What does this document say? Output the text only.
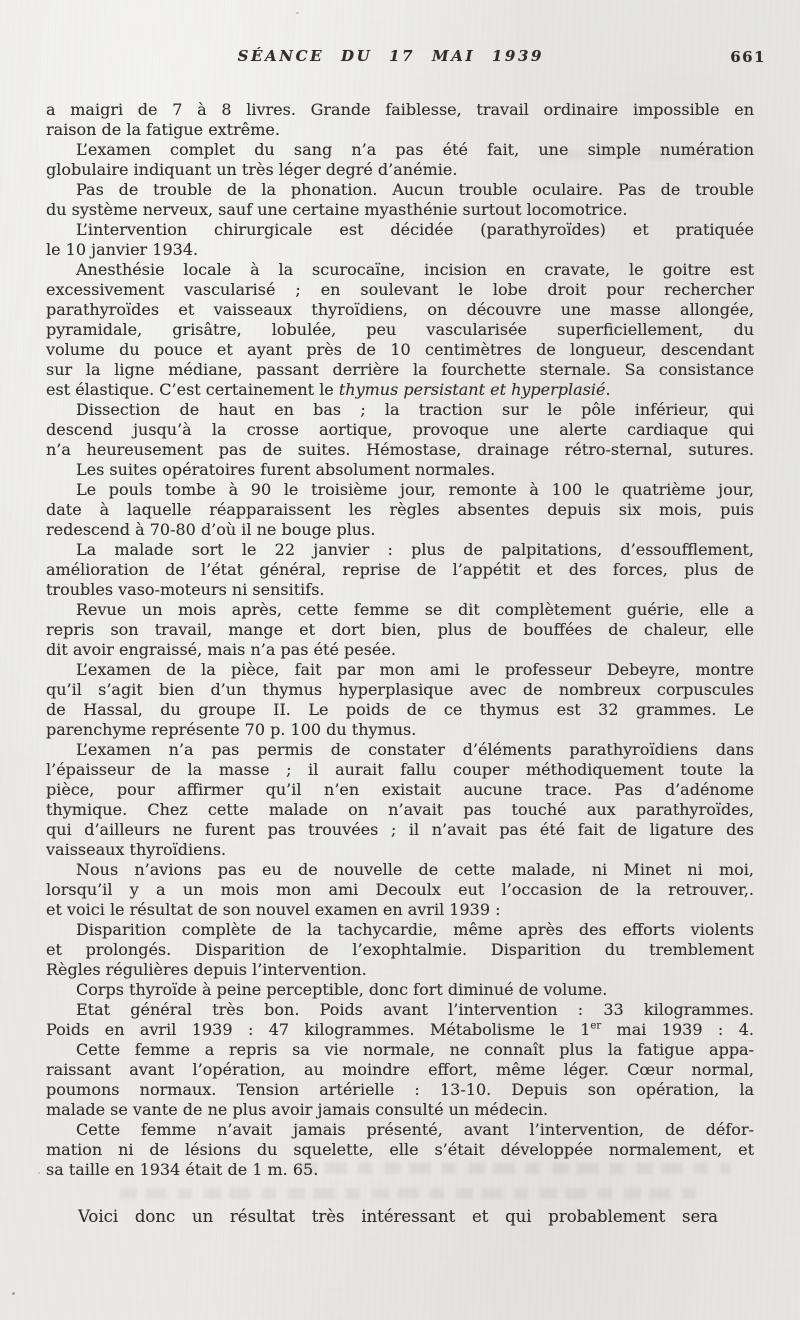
SÉANCE DU 17 MAI 1939	661
a maigri de 7 à 8 livres. Grande faiblesse, travail ordinaire impossible en
raison de la fatigue extrême.
L’examen complet du sang n’a pas été fait, une simple numération
globulaire indiquant un très léger degré d’anémie.
Pas de trouble de la phonation. Aucun trouble oculaire. Pas de trouble
du système nerveux, sauf une certaine myasthénie surtout locomotrice.
L’intervention chirurgicale est décidée (parathyroïdes) et pratiquée
le 10 janvier 1934.
Anesthésie locale à la scurocaïne, incision en cravate, le goitre est
excessivement vascularisé ; en soulevant le lobe droit pour rechercher
parathyroïdes et vaisseaux thyroïdiens, on découvre une masse allongée,
pyramidale, grisâtre, lobulée, peu vascularisée superficiellement, du
volume du pouce et ayant près de 10 centimètres de longueur, descendant
sur la ligne médiane, passant derrière la fourchette sternale. Sa consistance
est élastique. C’est certainement le thymus persistant et hyperplasié.
Dissection de haut en bas ; la traction sur le pôle inférieur, qui
descend jusqu’à la crosse aortique, provoque une alerte cardiaque qui
n’a heureusement pas de suites. Hémostase, drainage rétro-sternal, sutures.
Les suites opératoires furent absolument normales.
Le pouls tombe à 90 le troisième jour, remonte à 100 le quatrième jour,
date à laquelle réapparaissent les règles absentes depuis six mois, puis
redescend à 70-80 d’où il ne bouge plus.
La malade sort le 22 janvier : plus de palpitations, d’essoufflement,
amélioration de l’état général, reprise de l’appétit et des forces, plus de
troubles vaso-moteurs ni sensitifs.
Revue un mois après, cette femme se dit complètement guérie, elle a
repris son travail, mange et dort bien, plus de bouffées de chaleur, elle
dit avoir engraissé, mais n’a pas été pesée.
L’examen de la pièce, fait par mon ami le professeur Debeyre, montre
qu’il s’agit bien d’un thymus hyperplasique avec de nombreux corpuscules
de Hassal, du groupe II. Le poids de ce thymus est 32 grammes. Le
parenchyme représente 70 p. 100 du thymus.
L’examen n’a pas permis de constater d’éléments parathyroïdiens dans
l’épaisseur de la masse ; il aurait fallu couper méthodiquement toute la
pièce, pour affirmer qu’il n’en existait aucune trace. Pas d’adénome
thymique. Chez cette malade on n’avait pas touché aux parathyroïdes,
qui d’ailleurs ne furent pas trouvées ; il n’avait pas été fait de ligature des
vaisseaux thyroïdiens.
Nous n’avions pas eu de nouvelle de cette malade, ni Minet ni moi,
lorsqu’il y a un mois mon ami Decoulx eut l’occasion de la retrouver,.
et voici le résultat de son nouvel examen en avril 1939 :
Disparition complète de la tachycardie, même après des efforts violents
et prolongés. Disparition de l’exophtalmie. Disparition du tremblement
Règles régulières depuis l’intervention.
Corps thyroïde à peine perceptible, donc fort diminué de volume.
Etat général très bon. Poids avant l’intervention : 33 kilogrammes.
Poids en avril 1939 : 47 kilogrammes. Métabolisme le 1er mai 1939 : 4.
Cette femme a repris sa vie normale, ne connaît plus la fatigue appa-
raissant avant l’opération, au moindre effort, même léger. Cœur normal,
poumons normaux. Tension artérielle : 13-10. Depuis son opération, la
malade se vante de ne plus avoir jamais consulté un médecin.
Cette femme n’avait jamais présenté, avant l’intervention, de défor-
mation ni de lésions du squelette, elle s’était développée normalement, et
sa taille en 1934 était de 1 m. 65.
Voici donc un résultat très intéressant et qui probablement sera
